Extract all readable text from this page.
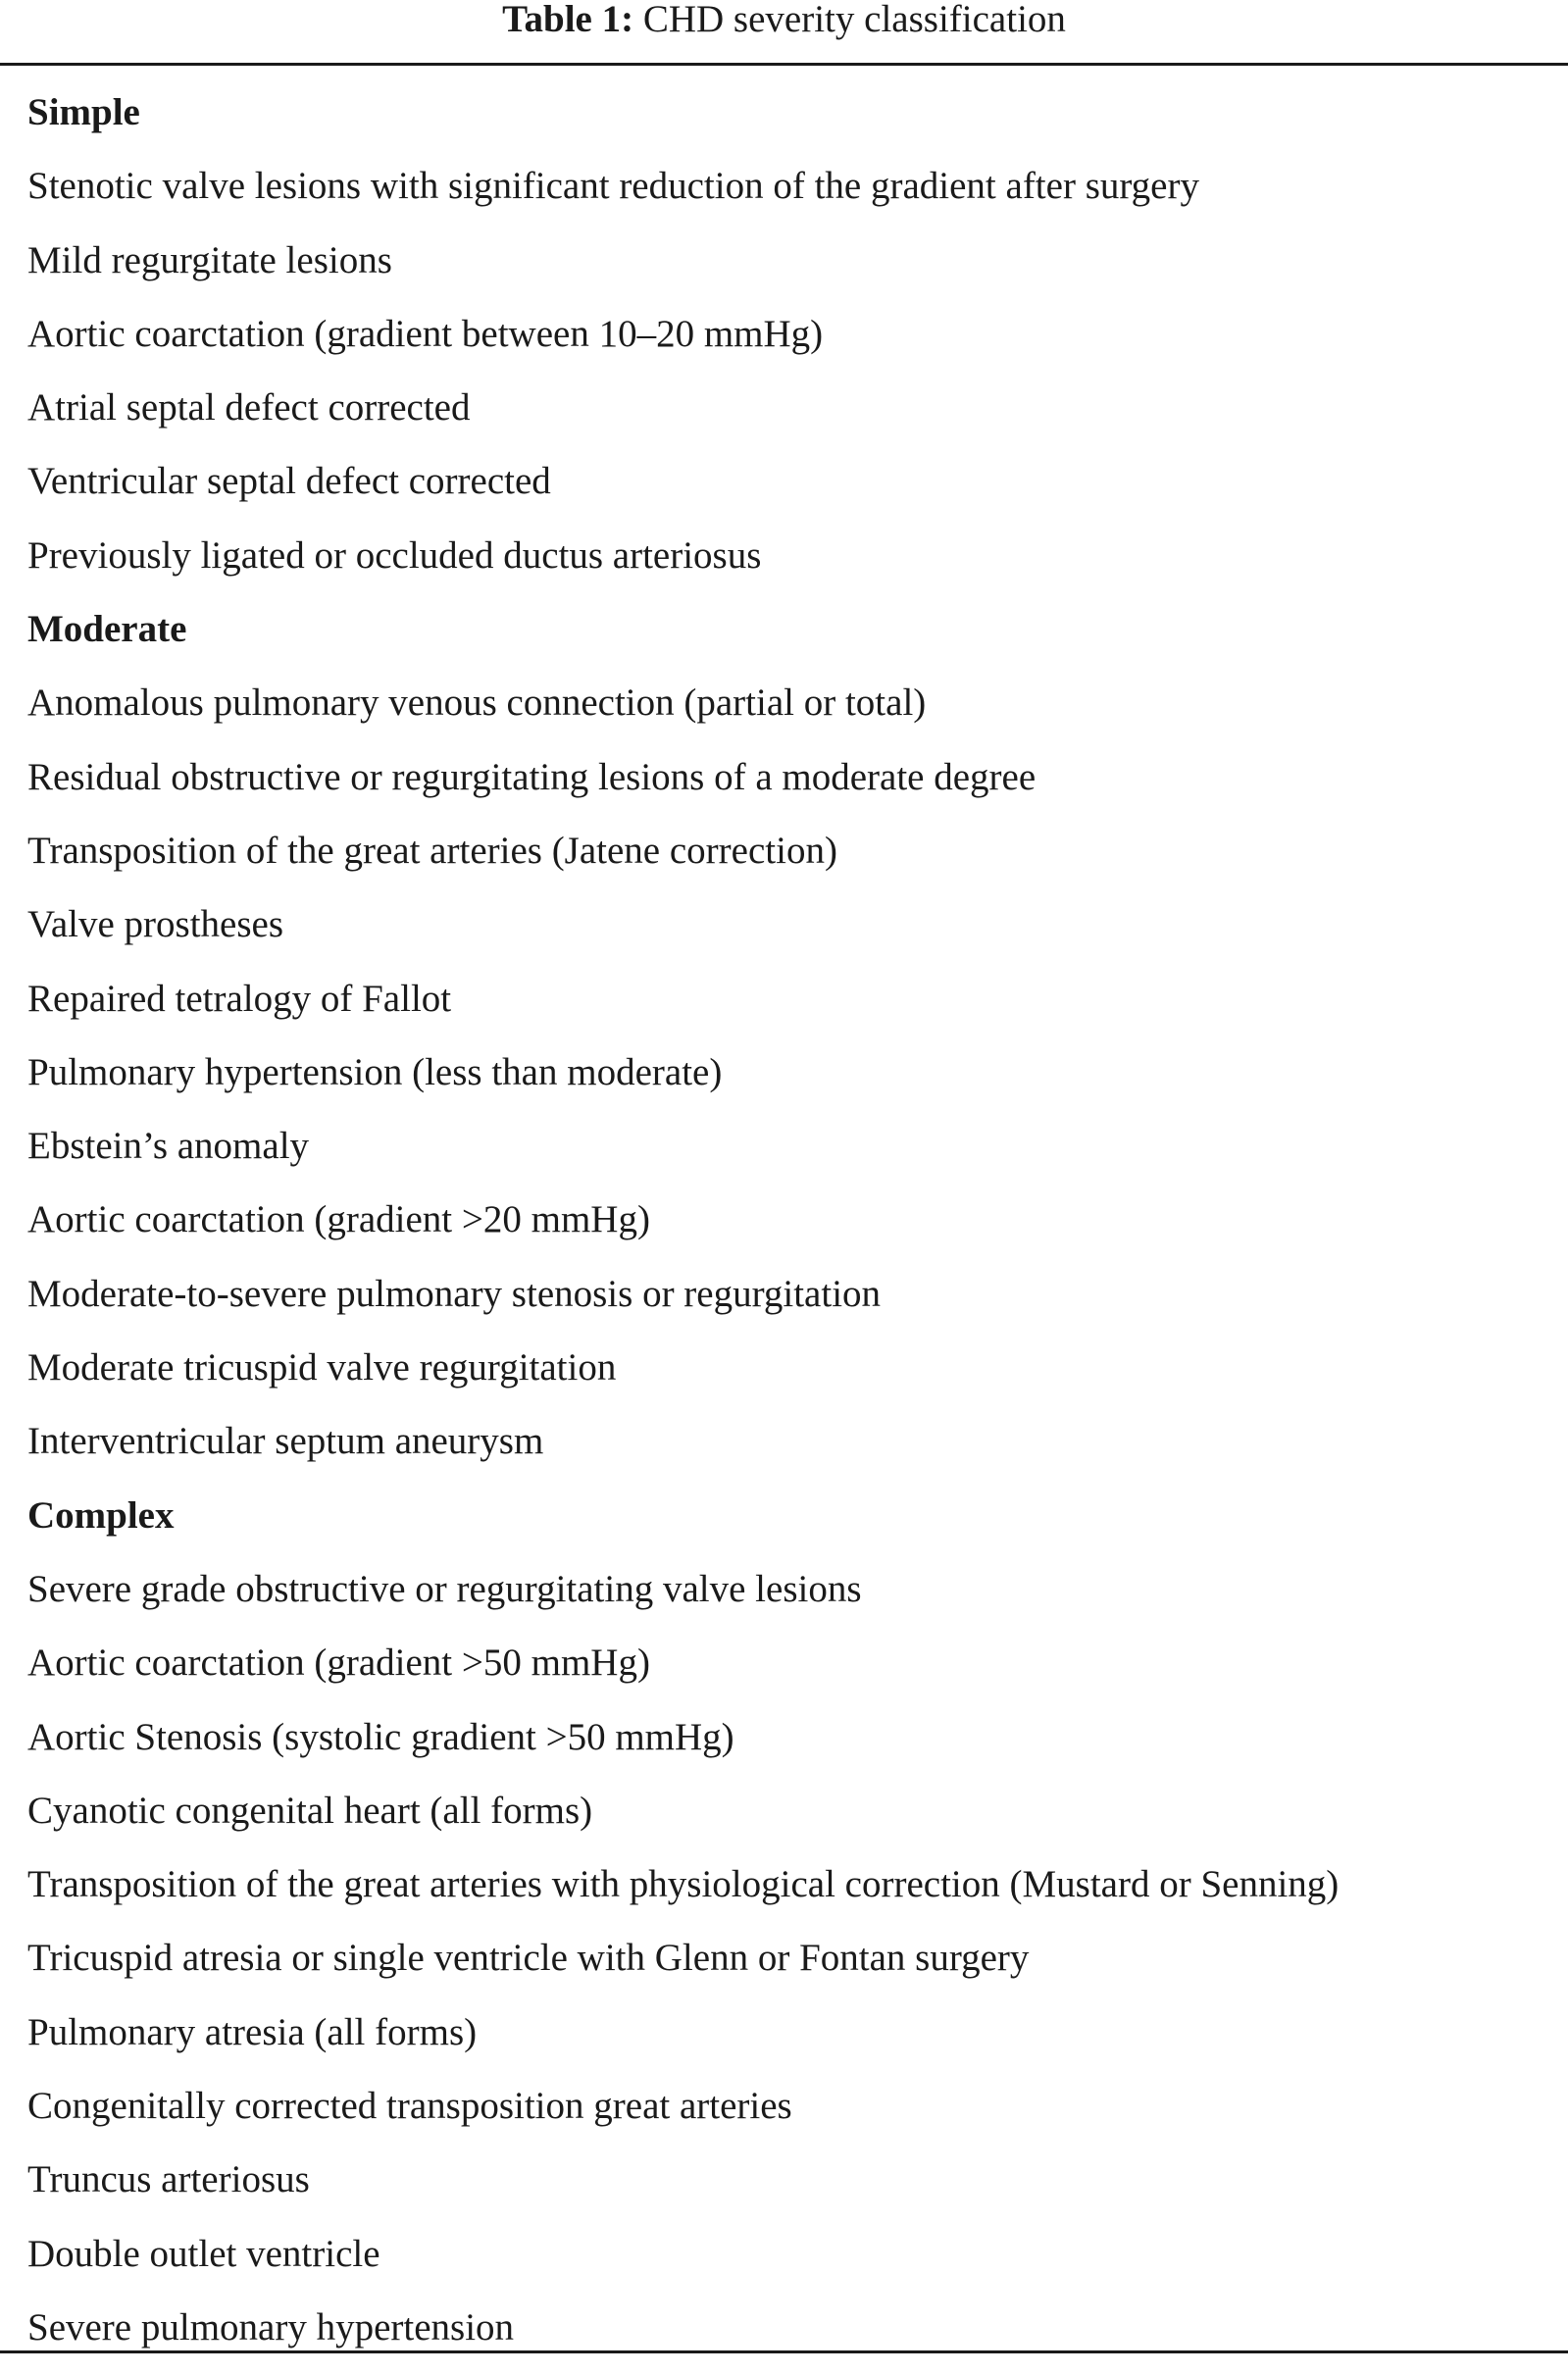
Table 1: CHD severity classification
Simple
Stenotic valve lesions with significant reduction of the gradient after surgery
Mild regurgitate lesions
Aortic coarctation (gradient between 10–20 mmHg)
Atrial septal defect corrected
Ventricular septal defect corrected
Previously ligated or occluded ductus arteriosus
Moderate
Anomalous pulmonary venous connection (partial or total)
Residual obstructive or regurgitating lesions of a moderate degree
Transposition of the great arteries (Jatene correction)
Valve prostheses
Repaired tetralogy of Fallot
Pulmonary hypertension (less than moderate)
Ebstein’s anomaly
Aortic coarctation (gradient >20 mmHg)
Moderate-to-severe pulmonary stenosis or regurgitation
Moderate tricuspid valve regurgitation
Interventricular septum aneurysm
Complex
Severe grade obstructive or regurgitating valve lesions
Aortic coarctation (gradient >50 mmHg)
Aortic Stenosis (systolic gradient >50 mmHg)
Cyanotic congenital heart (all forms)
Transposition of the great arteries with physiological correction (Mustard or Senning)
Tricuspid atresia or single ventricle with Glenn or Fontan surgery
Pulmonary atresia (all forms)
Congenitally corrected transposition great arteries
Truncus arteriosus
Double outlet ventricle
Severe pulmonary hypertension
